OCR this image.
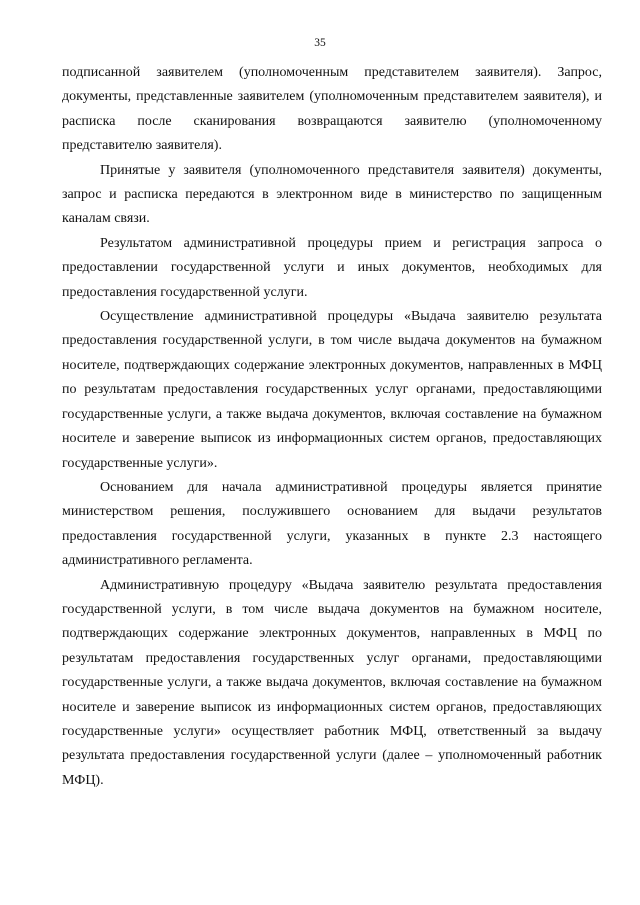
35

подписанной заявителем (уполномоченным представителем заявителя). Запрос, документы, представленные заявителем (уполномоченным представителем заявителя), и расписка после сканирования возвращаются заявителю (уполномоченному представителю заявителя).

Принятые у заявителя (уполномоченного представителя заявителя) документы, запрос и расписка передаются в электронном виде в министерство по защищенным каналам связи.

Результатом административной процедуры прием и регистрация запроса о предоставлении государственной услуги и иных документов, необходимых для предоставления государственной услуги.

Осуществление административной процедуры «Выдача заявителю результата предоставления государственной услуги, в том числе выдача документов на бумажном носителе, подтверждающих содержание электронных документов, направленных в МФЦ по результатам предоставления государственных услуг органами, предоставляющими государственные услуги, а также выдача документов, включая составление на бумажном носителе и заверение выписок из информационных систем органов, предоставляющих государственные услуги».

Основанием для начала административной процедуры является принятие министерством решения, послужившего основанием для выдачи результатов предоставления государственной услуги, указанных в пункте 2.3 настоящего административного регламента.

Административную процедуру «Выдача заявителю результата предоставления государственной услуги, в том числе выдача документов на бумажном носителе, подтверждающих содержание электронных документов, направленных в МФЦ по результатам предоставления государственных услуг органами, предоставляющими государственные услуги, а также выдача документов, включая составление на бумажном носителе и заверение выписок из информационных систем органов, предоставляющих государственные услуги» осуществляет работник МФЦ, ответственный за выдачу результата предоставления государственной услуги (далее – уполномоченный работник МФЦ).
